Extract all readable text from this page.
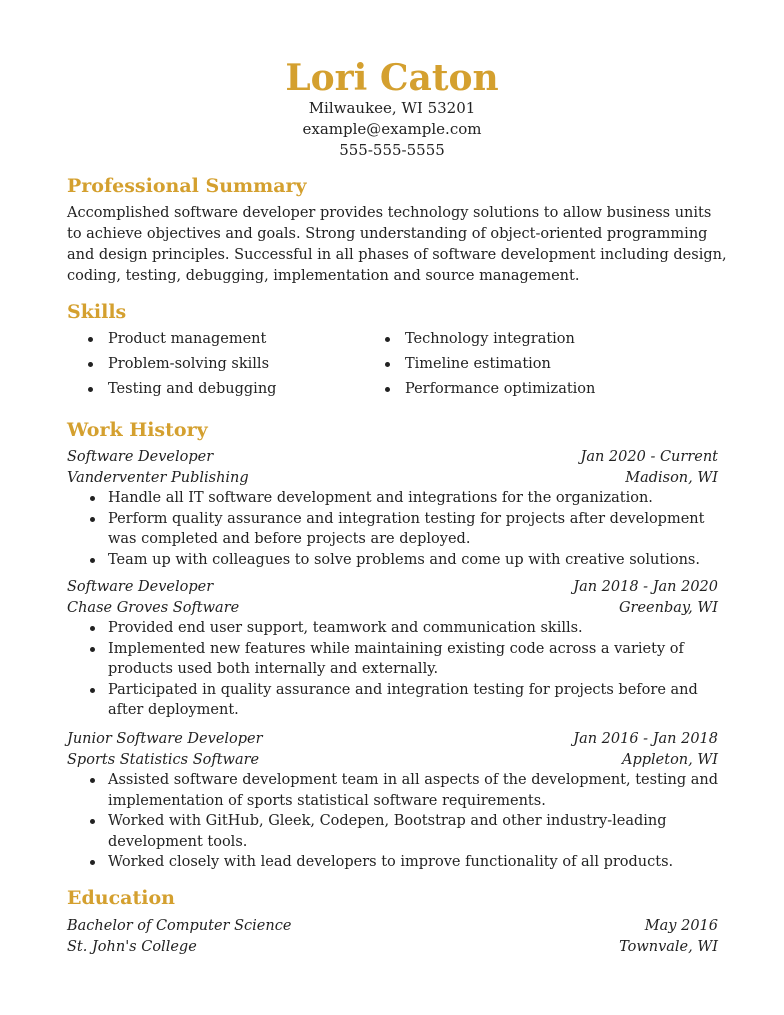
Lori Caton
Milwaukee, WI 53201
example@example.com
555-555-5555
Professional Summary
Accomplished software developer provides technology solutions to allow business units to achieve objectives and goals. Strong understanding of object-oriented programming and design principles. Successful in all phases of software development including design, coding, testing, debugging, implementation and source management.
Skills
Product management	Technology integration
Problem-solving skills	Timeline estimation
Testing and debugging	Performance optimization
Work History
Software Developer	Jan 2020 - Current
Vanderventer Publishing	Madison, WI
Handle all IT software development and integrations for the organization.
Perform quality assurance and integration testing for projects after development was completed and before projects are deployed.
Team up with colleagues to solve problems and come up with creative solutions.
Software Developer	Jan 2018 - Jan 2020
Chase Groves Software	Greenbay, WI
Provided end user support, teamwork and communication skills.
Implemented new features while maintaining existing code across a variety of products used both internally and externally.
Participated in quality assurance and integration testing for projects before and after deployment.
Junior Software Developer	Jan 2016 - Jan 2018
Sports Statistics Software	Appleton, WI
Assisted software development team in all aspects of the development, testing and implementation of sports statistical software requirements.
Worked with GitHub, Gleek, Codepen, Bootstrap and other industry-leading development tools.
Worked closely with lead developers to improve functionality of all products.
Education
Bachelor of Computer Science	May 2016
St. John's College	Townvale, WI
